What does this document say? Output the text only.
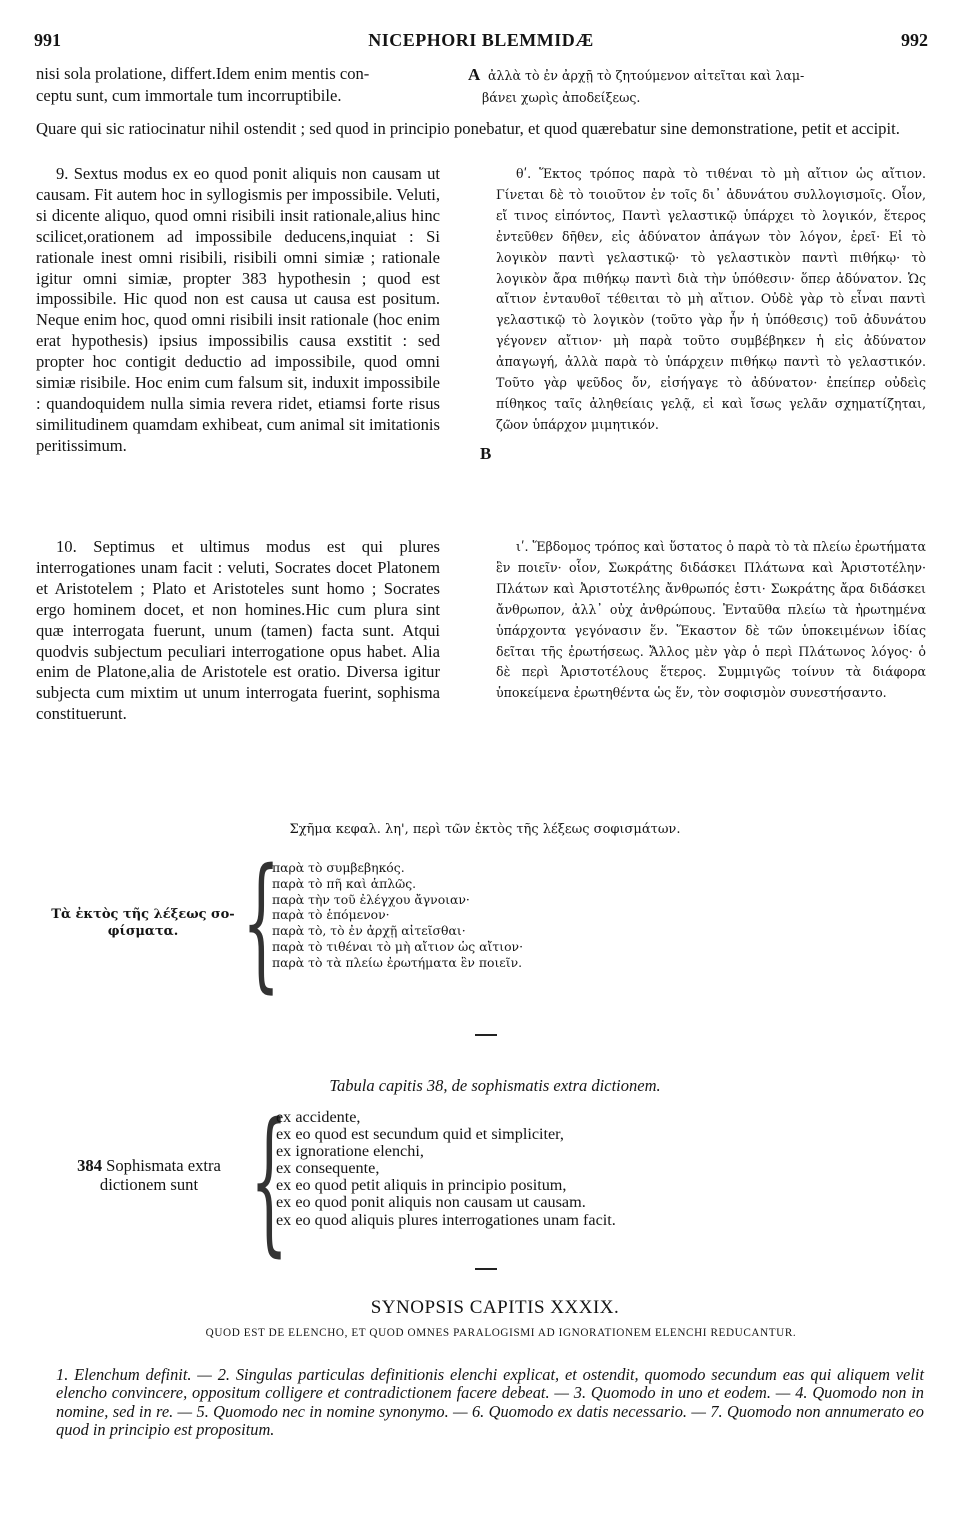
991	NICEPHORI BLEMMIDÆ	992
nisi sola prolatione, differt.Idem enim mentis con-
ceptu sunt, cum immortale tum incorruptibile.
A ἀλλὰ τὸ ἐν ἀρχῇ τὸ ζητούμενον αἰτεῖται καὶ λαμ-
βάνει χωρὶς ἀποδείξεως.
Quare qui sic ratiocinatur nihil ostendit ; sed quod in principio ponebatur, et quod quærebatur sine demonstratione, petit et accipit.
9. Sextus modus ex eo quod ponit aliquis non causam ut causam. Fit autem hoc in syllogismis per impossibile. Veluti, si dicente aliquo, quod omni risibili insit rationale,alius hinc scilicet,orationem ad impossibile deducens,inquiat : Si rationale inest omni risibili, risibili omni simiæ ; rationale igitur omni simiæ, propter 383 hypothesin ; quod est impossibile. Hic quod non est causa ut causa est positum. Neque enim hoc, quod omni risibili insit rationale (hoc enim erat hypothesis) ipsius impossibilis causa exstitit : sed propter hoc contigit deductio ad impossibile, quod omni simiæ risibile. Hoc enim cum falsum sit, induxit impossibile : quandoquidem nulla simia revera ridet, etiamsi forte risus similitudinem quamdam exhibeat, cum animal sit imitationis peritissimum.
θʹ. Ἕκτος τρόπος παρὰ τὸ τιθέναι τὸ μὴ αἴτιον ὡς αἴτιον. Γίνεται δὲ τὸ τοιοῦτον ἐν τοῖς δι᾽ ἀδυνάτου συλλογισμοῖς. Οἷον, εἴ τινος εἰπόντος, Παντὶ γελαστικῷ ὑπάρχει τὸ λογικόν, ἕτερος ἐντεῦθεν δῆθεν, εἰς ἀδύνατον ἀπάγων τὸν λόγον, ἐρεῖ· Εἰ τὸ λογικὸν παντὶ γελαστικῷ· τὸ γελαστικὸν παντὶ πιθήκῳ· τὸ λογικὸν ἄρα πιθήκῳ παντὶ διὰ τὴν ὑπόθεσιν· ὅπερ ἀδύνατον. Ὡς αἴτιον ἐνταυθοῖ τέθειται τὸ μὴ αἴτιον. Οὐδὲ γὰρ τὸ εἶναι παντὶ γελαστικῷ τὸ λογικὸν (τοῦτο γὰρ ἦν ἡ ὑπόθεσις) τοῦ ἀδυνάτου γέγονεν αἴτιον· μὴ παρὰ τοῦτο συμβέβηκεν ἡ εἰς ἀδύνατον ἀπαγωγή, ἀλλὰ παρὰ τὸ ὑπάρχειν πιθήκῳ παντὶ τὸ γελαστικόν. Τοῦτο γὰρ ψεῦδος ὄν, εἰσήγαγε τὸ ἀδύνατον· ἐπείπερ οὐδεὶς πίθηκος ταῖς ἀληθείαις γελᾷ, εἰ καὶ ἴσως γελᾶν σχηματίζηται, ζῶον ὑπάρχον μιμητικόν.
B
10. Septimus et ultimus modus est qui plures interrogationes unam facit : veluti, Socrates docet Platonem et Aristotelem ; Plato et Aristoteles sunt homo ; Socrates ergo hominem docet, et non homines.Hic cum plura sint quæ interrogata fuerunt, unum (tamen) facta sunt. Atqui quodvis subjectum peculiari interrogatione opus habet. Alia enim de Platone,alia de Aristotele est oratio. Diversa igitur subjecta cum mixtim ut unum interrogata fuerint, sophisma constituerunt.
ιʹ. Ἕβδομος τρόπος καὶ ὕστατος ὁ παρὰ τὸ τὰ πλείω ἐρωτήματα ἓν ποιεῖν· οἷον, Σωκράτης διδάσκει Πλάτωνα καὶ Ἀριστοτέλην· Πλάτων καὶ Ἀριστοτέλης ἄνθρωπός ἐστι· Σωκράτης ἄρα διδάσκει ἄνθρωπον, ἀλλ᾽ οὐχ ἀνθρώπους. Ἐνταῦθα πλείω τὰ ἠρωτημένα ὑπάρχοντα γεγόνασιν ἕν. Ἕκαστον δὲ τῶν ὑποκειμένων ἰδίας δεῖται τῆς ἐρωτήσεως. Ἄλλος μὲν γὰρ ὁ περὶ Πλάτωνος λόγος· ὁ δὲ περὶ Ἀριστοτέλους ἕτερος. Συμμιγῶς τοίνυν τὰ διάφορα ὑποκείμενα ἐρωτηθέντα ὡς ἕν, τὸν σοφισμὸν συνεστήσαντο.
Σχῆμα κεφαλ. λη', περὶ τῶν ἐκτὸς τῆς λέξεως σοφισμάτων.
Τὰ ἐκτὸς τῆς λέξεως σο-
φίσματα.	{
παρὰ τὸ συμβεβηκός.
παρὰ τὸ πῆ καὶ ἁπλῶς.
παρὰ τὴν τοῦ ἐλέγχου ἄγνοιαν·
παρὰ τὸ ἑπόμενον·
παρὰ τὸ, τὸ ἐν ἀρχῇ αἰτεῖσθαι·
παρὰ τὸ τιθέναι τὸ μὴ αἴτιον ὡς αἴτιον·
παρὰ τὸ τὰ πλείω ἐρωτήματα ἓν ποιεῖν.
Tabula capitis 38, de sophismatis extra dictionem.
384 Sophismata extra
dictionem sunt {
ex accidente,
ex eo quod est secundum quid et simpliciter,
ex ignoratione elenchi,
ex consequente,
ex eo quod petit aliquis in principio positum,
ex eo quod ponit aliquis non causam ut causam.
ex eo quod aliquis plures interrogationes unam facit.
SYNOPSIS CAPITIS XXXIX.
QUOD EST DE ELENCHO, ET QUOD OMNES PARALOGISMI AD IGNORATIONEM ELENCHI REDUCANTUR.
1. Elenchum definit. — 2. Singulas particulas definitionis elenchi explicat, et ostendit, quomodo secundum eas qui aliquem velit elencho convincere, oppositum colligere et contradictionem facere debeat. — 3. Quomodo in uno et eodem. — 4. Quomodo non in nomine, sed in re. — 5. Quomodo nec in nomine synonymo. — 6. Quomodo ex datis necessario. — 7. Quomodo non annumerato eo quod in principio est propositum.
